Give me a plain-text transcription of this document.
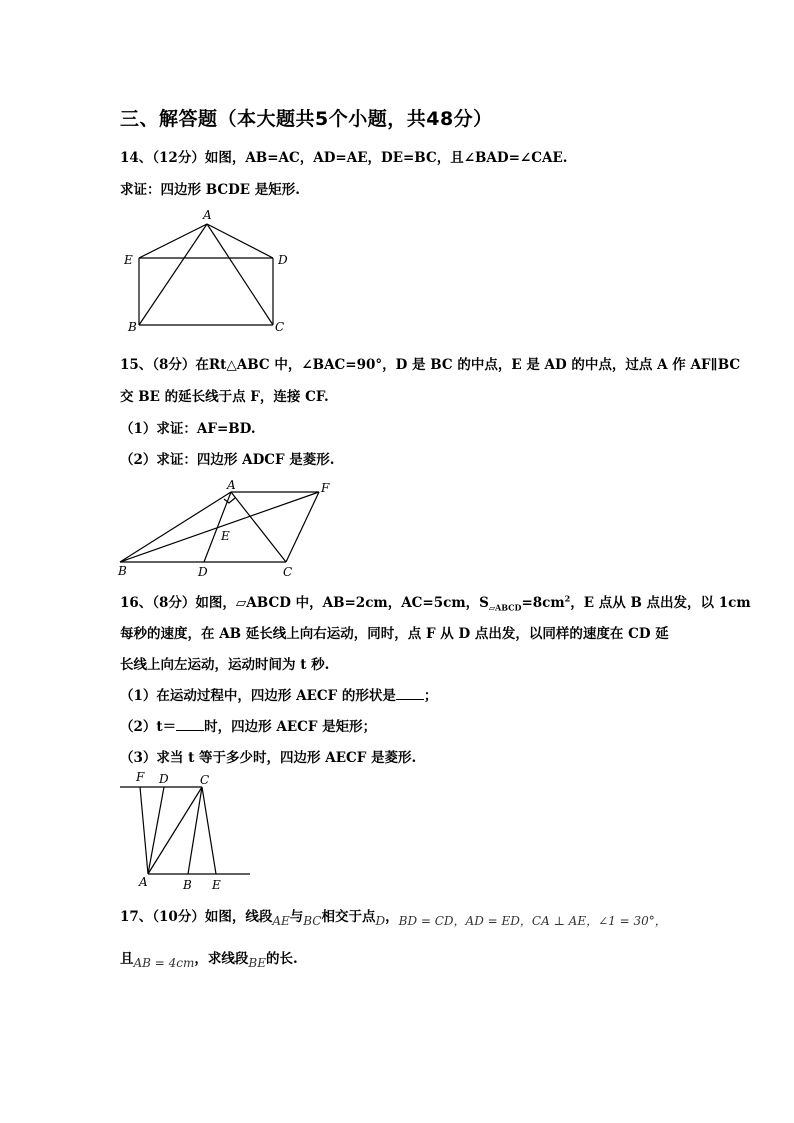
三、解答题（本大题共5个小题，共48分）
14、（12分）如图，AB=AC，AD=AE，DE=BC，且∠BAD=∠CAE.
求证：四边形 BCDE 是矩形.
A
E	D
B	C
15、（8分）在Rt△ABC 中，∠BAC=90°，D 是 BC 的中点，E 是 AD 的中点，过点 A 作 AF∥BC
交 BE 的延长线于点 F，连接 CF.
（1）求证：AF=BD.
（2）求证：四边形 ADCF 是菱形.
A	F
E
B	D	C
16、（8分）如图，▱ABCD 中，AB=2cm，AC=5cm，$S_{▱ABCD}=8cm^2$，E 点从 B 点出发，以 1cm
每秒的速度，在 AB 延长线上向右运动，同时，点 F 从 D 点出发，以同样的速度在 CD 延
长线上向左运动，运动时间为 t 秒.
（1）在运动过程中，四边形 AECF 的形状是 ；
（2）t＝ 时，四边形 AECF 是矩形；
（3）求当 t 等于多少时，四边形 AECF 是菱形.
F D	C
A	B E
17、（10分）如图，线段AE与BC相交于点D，BD = CD，AD = ED，CA ⊥ AE，∠1 = 30°，
且AB = 4cm，求线段BE的长.
